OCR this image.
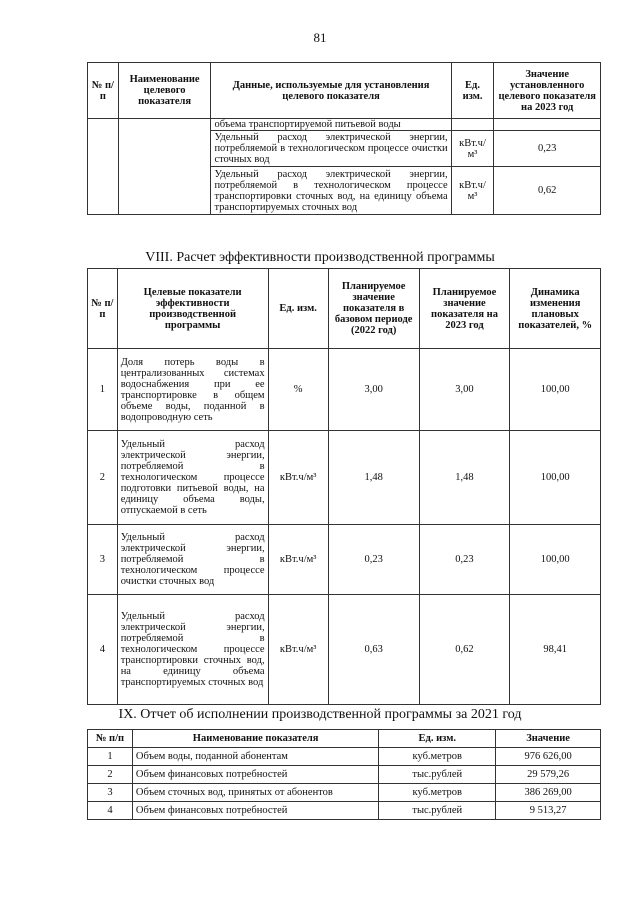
81
№ п/п	Наименование целевого показателя	Данные, используемые для установления целевого показателя	Ед. изм.	Значение установленного целевого показателя на 2023 год
		объема транспортируемой питьевой воды		
		Удельный расход электрической энергии, потребляемой в технологическом процессе очистки сточных вод	кВт.ч/м³	0,23
		Удельный расход электрической энергии, потребляемой в технологическом процессе транспортировки сточных вод, на единицу объема транспортируемых сточных вод	кВт.ч/м³	0,62
VIII. Расчет эффективности производственной программы
№ п/п	Целевые показатели эффективности производственной программы	Ед. изм.	Планируемое значение показателя в базовом периоде (2022 год)	Планируемое значение показателя на 2023 год	Динамика изменения плановых показателей, %
1	Доля потерь воды в централизованных системах водоснабжения при ее транспортировке в общем объеме воды, поданной в водопроводную сеть	%	3,00	3,00	100,00
2	Удельный расход электрической энергии, потребляемой в технологическом процессе подготовки питьевой воды, на единицу объема воды, отпускаемой в сеть	кВт.ч/м³	1,48	1,48	100,00
3	Удельный расход электрической энергии, потребляемой в технологическом процессе очистки сточных вод	кВт.ч/м³	0,23	0,23	100,00
4	Удельный расход электрической энергии, потребляемой в технологическом процессе транспортировки сточных вод, на единицу объема транспортируемых сточных вод	кВт.ч/м³	0,63	0,62	98,41
IX. Отчет об исполнении производственной программы за 2021 год
№ п/п	Наименование показателя	Ед. изм.	Значение
1	Объем воды, поданной абонентам	куб.метров	976 626,00
2	Объем финансовых потребностей	тыс.рублей	29 579,26
3	Объем сточных вод, принятых от абонентов	куб.метров	386 269,00
4	Объем финансовых потребностей	тыс.рублей	9 513,27
